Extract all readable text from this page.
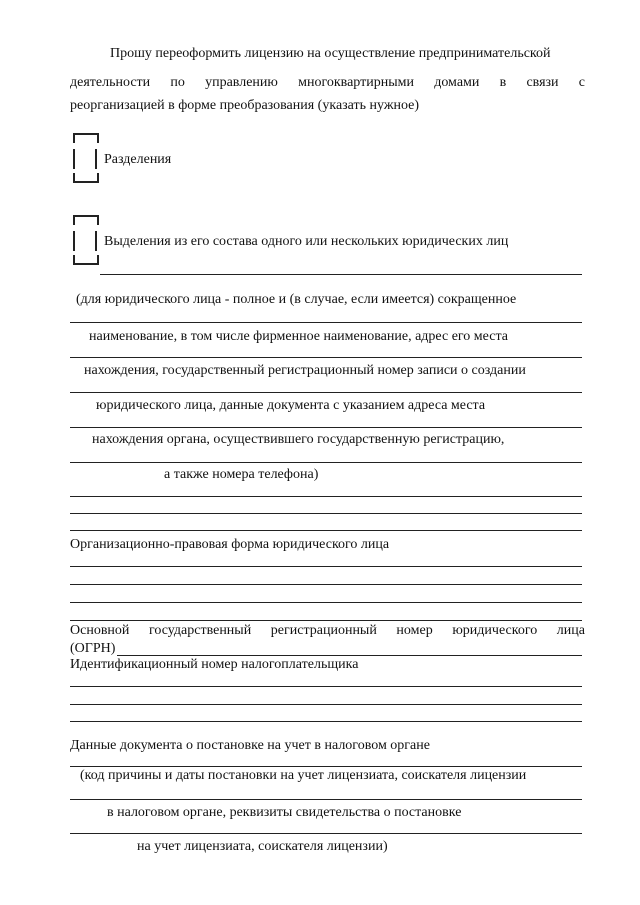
Прошу переоформить лицензию на осуществление предпринимательской
деятельности по управлению многоквартирными домами в связи с
реорганизацией в форме преобразования (указать нужное)
Разделения
Выделения из его состава одного или нескольких юридических лиц
(для юридического лица - полное и (в случае, если имеется) сокращенное
наименование, в том числе фирменное наименование, адрес его места
нахождения, государственный регистрационный номер записи о создании
юридического лица, данные документа с указанием адреса места
нахождения органа, осуществившего государственную регистрацию,
а также номера телефона)
Организационно-правовая форма юридического лица
Основной государственный регистрационный номер юридического лица
(ОГРН)
Идентификационный номер налогоплательщика
Данные документа о постановке на учет в налоговом органе
(код причины и даты постановки на учет лицензиата, соискателя лицензии
в налоговом органе, реквизиты свидетельства о постановке
на учет лицензиата, соискателя лицензии)
